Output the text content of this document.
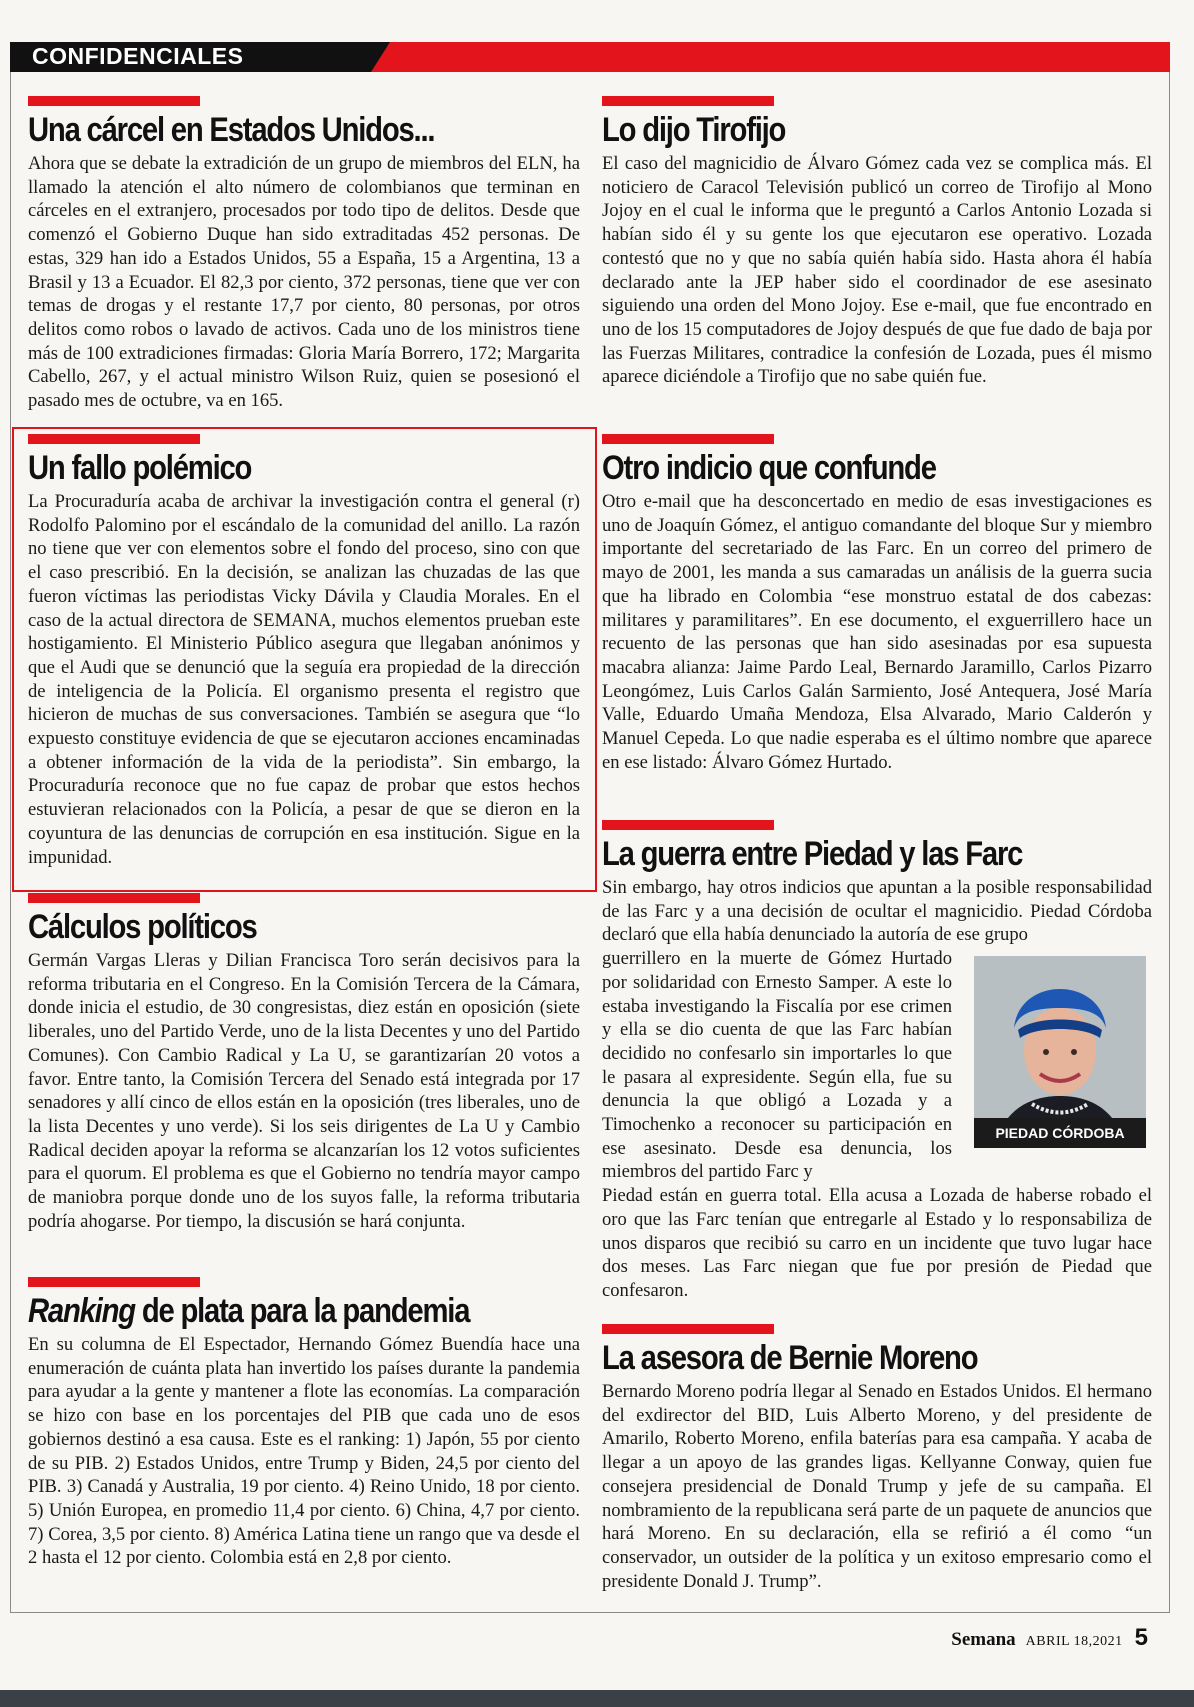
CONFIDENCIALES
Una cárcel en Estados Unidos...

Ahora que se debate la extradición de un grupo de miembros del ELN, ha llamado la atención el alto número de colombianos que terminan en cárceles en el extranjero, procesados por todo tipo de delitos. Desde que comenzó el Gobierno Duque han sido extraditadas 452 personas. De estas, 329 han ido a Estados Unidos, 55 a España, 15 a Argentina, 13 a Brasil y 13 a Ecuador. El 82,3 por ciento, 372 personas, tiene que ver con temas de drogas y el restante 17,7 por ciento, 80 personas, por otros delitos como robos o lavado de activos. Cada uno de los ministros tiene más de 100 extradiciones firmadas: Gloria María Borrero, 172; Margarita Cabello, 267, y el actual ministro Wilson Ruiz, quien se posesionó el pasado mes de octubre, va en 165.

Un fallo polémico

La Procuraduría acaba de archivar la investigación contra el general (r) Rodolfo Palomino por el escándalo de la comunidad del anillo. La razón no tiene que ver con elementos sobre el fondo del proceso, sino con que el caso prescribió. En la decisión, se analizan las chuzadas de las que fueron víctimas las periodistas Vicky Dávila y Claudia Morales. En el caso de la actual directora de SEMANA, muchos elementos prueban este hostigamiento. El Ministerio Público asegura que llegaban anónimos y que el Audi que se denunció que la seguía era propiedad de la dirección de inteligencia de la Policía. El organismo presenta el registro que hicieron de muchas de sus conversaciones. También se asegura que “lo expuesto constituye evidencia de que se ejecutaron acciones encaminadas a obtener información de la vida de la periodista”. Sin embargo, la Procuraduría reconoce que no fue capaz de probar que estos hechos estuvieran relacionados con la Policía, a pesar de que se dieron en la coyuntura de las denuncias de corrupción en esa institución. Sigue en la impunidad.

Cálculos políticos

Germán Vargas Lleras y Dilian Francisca Toro serán decisivos para la reforma tributaria en el Congreso. En la Comisión Tercera de la Cámara, donde inicia el estudio, de 30 congresistas, diez están en oposición (siete liberales, uno del Partido Verde, uno de la lista Decentes y uno del Partido Comunes). Con Cambio Radical y La U, se garantizarían 20 votos a favor. Entre tanto, la Comisión Tercera del Senado está integrada por 17 senadores y allí cinco de ellos están en la oposición (tres liberales, uno de la lista Decentes y uno verde). Si los seis dirigentes de La U y Cambio Radical deciden apoyar la reforma se alcanzarían los 12 votos suficientes para el quorum. El problema es que el Gobierno no tendría mayor campo de maniobra porque donde uno de los suyos falle, la reforma tributaria podría ahogarse. Por tiempo, la discusión se hará conjunta.

Ranking de plata para la pandemia

En su columna de El Espectador, Hernando Gómez Buendía hace una enumeración de cuánta plata han invertido los países durante la pandemia para ayudar a la gente y mantener a flote las economías. La comparación se hizo con base en los porcentajes del PIB que cada uno de esos gobiernos destinó a esa causa. Este es el ranking: 1) Japón, 55 por ciento de su PIB. 2) Estados Unidos, entre Trump y Biden, 24,5 por ciento del PIB. 3) Canadá y Australia, 19 por ciento. 4) Reino Unido, 18 por ciento. 5) Unión Europea, en promedio 11,4 por ciento. 6) China, 4,7 por ciento. 7) Corea, 3,5 por ciento. 8) América Latina tiene un rango que va desde el 2 hasta el 12 por ciento. Colombia está en 2,8 por ciento.

Lo dijo Tirofijo

El caso del magnicidio de Álvaro Gómez cada vez se complica más. El noticiero de Caracol Televisión publicó un correo de Tirofijo al Mono Jojoy en el cual le informa que le preguntó a Carlos Antonio Lozada si habían sido él y su gente los que ejecutaron ese operativo. Lozada contestó que no y que no sabía quién había sido. Hasta ahora él había declarado ante la JEP haber sido el coordinador de ese asesinato siguiendo una orden del Mono Jojoy. Ese e-mail, que fue encontrado en uno de los 15 computadores de Jojoy después de que fue dado de baja por las Fuerzas Militares, contradice la confesión de Lozada, pues él mismo aparece diciéndole a Tirofijo que no sabe quién fue.

Otro indicio que confunde

Otro e-mail que ha desconcertado en medio de esas investigaciones es uno de Joaquín Gómez, el antiguo comandante del bloque Sur y miembro importante del secretariado de las Farc. En un correo del primero de mayo de 2001, les manda a sus camaradas un análisis de la guerra sucia que ha librado en Colombia “ese monstruo estatal de dos cabezas: militares y paramilitares”. En ese documento, el exguerrillero hace un recuento de las personas que han sido asesinadas por esa supuesta macabra alianza: Jaime Pardo Leal, Bernardo Jaramillo, Carlos Pizarro Leongómez, Luis Carlos Galán Sarmiento, José Antequera, José María Valle, Eduardo Umaña Mendoza, Elsa Alvarado, Mario Calderón y Manuel Cepeda. Lo que nadie esperaba es el último nombre que aparece en ese listado: Álvaro Gómez Hurtado.

La guerra entre Piedad y las Farc

Sin embargo, hay otros indicios que apuntan a la posible responsabilidad de las Farc y a una decisión de ocultar el magnicidio. Piedad Córdoba declaró que ella había denunciado la autoría de ese grupo

guerrillero en la muerte de Gómez Hurtado por solidaridad con Ernesto Samper. A este lo estaba investigando la Fiscalía por ese crimen y ella se dio cuenta de que las Farc habían decidido no confesarlo sin importarles lo que le pasara al expresidente. Según ella, fue su denuncia la que obligó a Lozada y a Timochenko a reconocer su participación en ese asesinato. Desde esa denuncia, los miembros del partido Farc y

Piedad están en guerra total. Ella acusa a Lozada de haberse robado el oro que las Farc tenían que entregarle al Estado y lo responsabiliza de unos disparos que recibió su carro en un incidente que tuvo lugar hace dos meses. Las Farc niegan que fue por presión de Piedad que confesaron.

PIEDAD CÓRDOBA
La asesora de Bernie Moreno

Bernardo Moreno podría llegar al Senado en Estados Unidos. El hermano del exdirector del BID, Luis Alberto Moreno, y del presidente de Amarilo, Roberto Moreno, enfila baterías para esa campaña. Y acaba de llegar a un apoyo de las grandes ligas. Kellyanne Conway, quien fue consejera presidencial de Donald Trump y jefe de su campaña. El nombramiento de la republicana será parte de un paquete de anuncios que hará Moreno. En su declaración, ella se refirió a él como “un conservador, un outsider de la política y un exitoso empresario como el presidente Donald J. Trump”.

Semana ABRIL 18,2021 5
